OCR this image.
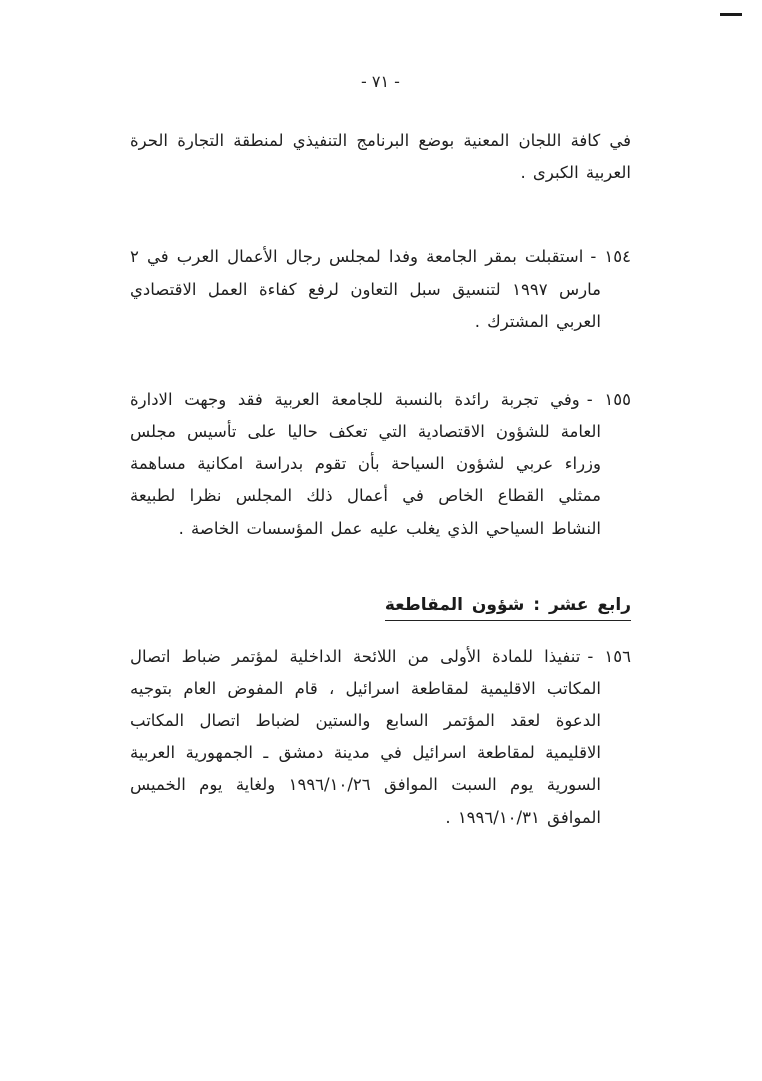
- ٧١ -
في كافة اللجان المعنية بوضع البرنامج التنفيذي لمنطقة التجارة الحرة العربية الكبرى .
١٥٤ -استقبلت بمقر الجامعة وفدا لمجلس رجال الأعمال العرب في ٢ مارس ١٩٩٧ لتنسيق سبل التعاون لرفع كفاءة العمل الاقتصادي العربي المشترك .
١٥٥ -وفي تجربة رائدة بالنسبة للجامعة العربية فقد وجهت الادارة العامة للشؤون الاقتصادية التي تعكف حاليا على تأسيس مجلس وزراء عربي لشؤون السياحة بأن تقوم بدراسة امكانية مساهمة ممثلي القطاع الخاص في أعمال ذلك المجلس نظرا لطبيعة النشاط السياحي الذي يغلب عليه عمل المؤسسات الخاصة .
رابع عشر : شؤون المقاطعة
١٥٦ -تنفيذا للمادة الأولى من اللائحة الداخلية لمؤتمر ضباط اتصال المكاتب الاقليمية لمقاطعة اسرائيل ، قام المفوض العام بتوجيه الدعوة لعقد المؤتمر السابع والستين لضباط اتصال المكاتب الاقليمية لمقاطعة اسرائيل في مدينة دمشق ـ الجمهورية العربية السورية يوم السبت الموافق ١٩٩٦/١٠/٢٦ ولغاية يوم الخميس الموافق ١٩٩٦/١٠/٣١ .
